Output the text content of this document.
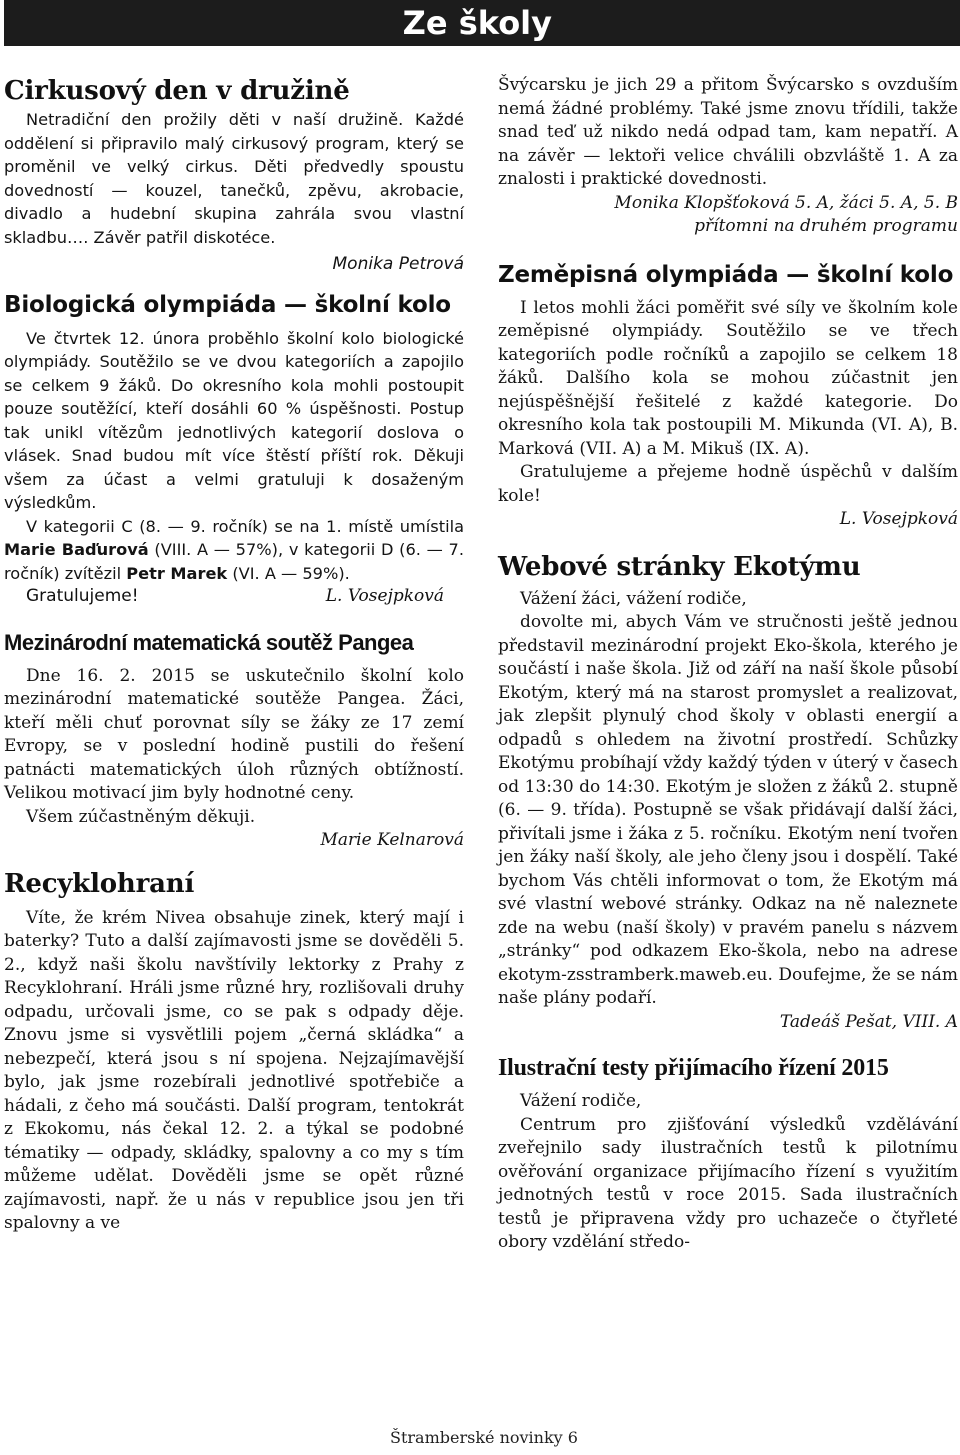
Ze školy
Cirkusový den v družině

Netradiční den prožily děti v naší družině. Každé oddělení si připravilo malý cirkusový program, který se proměnil ve velký cirkus. Děti předvedly spoustu dovedností — kouzel, tanečků, zpěvu, akrobacie, divadlo a hudební skupina zahrála svou vlastní skladbu…. Závěr patřil diskotéce.

Monika Petrová
Biologická olympiáda — školní kolo

Ve čtvrtek 12. února proběhlo školní kolo biologické olympiády. Soutěžilo se ve dvou kategoriích a zapojilo se celkem 9 žáků. Do okresního kola mohli postoupit pouze soutěžící, kteří dosáhli 60 % úspěšnosti. Postup tak unikl vítězům jednotlivých kategorií doslova o vlásek. Snad budou mít více štěstí příští rok. Děkuji všem za účast a velmi gratuluji k dosaženým výsledkům.

V kategorii C (8. — 9. ročník) se na 1. místě umístila Marie Baďurová (VIII. A — 57%), v kategorii D (6. — 7. ročník) zvítězil Petr Marek (VI. A — 59%).

Gratulujeme!	L. Vosejpková
Mezinárodní matematická soutěž Pangea

Dne 16. 2. 2015 se uskutečnilo školní kolo mezinárodní matematické soutěže Pangea. Žáci, kteří měli chuť porovnat síly se žáky ze 17 zemí Evropy, se v poslední hodině pustili do řešení patnácti matematických úloh různých obtížností. Velikou motivací jim byly hodnotné ceny.

Všem zúčastněným děkuji.

Marie Kelnarová
Recyklohraní

Víte, že krém Nivea obsahuje zinek, který mají i baterky? Tuto a další zajímavosti jsme se dověděli 5. 2., když naši školu navštívily lektorky z Prahy z Recyklohraní. Hráli jsme různé hry, rozlišovali druhy odpadu, určovali jsme, co se pak s odpady děje. Znovu jsme si vysvětlili pojem „černá skládka“ a nebezpečí, která jsou s ní spojena. Nejzajímavější bylo, jak jsme rozebírali jednotlivé spotřebiče a hádali, z čeho má součásti. Další program, tentokrát z Ekokomu, nás čekal 12. 2. a týkal se podobné tématiky — odpady, skládky, spalovny a co my s tím můžeme udělat. Dověděli jsme se opět různé zajímavosti, např. že u nás v republice jsou jen tři spalovny a ve

Švýcarsku je jich 29 a přitom Švýcarsko s ovzduším nemá žádné problémy. Také jsme znovu třídili, takže snad teď už nikdo nedá odpad tam, kam nepatří. A na závěr — lektoři velice chválili obzvláště 1. A za znalosti i praktické dovednosti.

Monika Klopšťoková 5. A, žáci 5. A, 5. B
přítomni na druhém programu
Zeměpisná olympiáda — školní kolo

I letos mohli žáci poměřit své síly ve školním kole zeměpisné olympiády. Soutěžilo se ve třech kategoriích podle ročníků a zapojilo se celkem 18 žáků. Dalšího kola se mohou zúčastnit jen nejúspěšnější řešitelé z každé kategorie. Do okresního kola tak postoupili M. Mikunda (VI. A), B. Marková (VII. A) a M. Mikuš (IX. A).

Gratulujeme a přejeme hodně úspěchů v dalším kole!

L. Vosejpková
Webové stránky Ekotýmu

Vážení žáci, vážení rodiče,

dovolte mi, abych Vám ve stručnosti ještě jednou představil mezinárodní projekt Eko-škola, kterého je součástí i naše škola. Již od září na naší škole působí Ekotým, který má na starost promyslet a realizovat, jak zlepšit plynulý chod školy v oblasti energií a odpadů s ohledem na životní prostředí. Schůzky Ekotýmu probíhají vždy každý týden v úterý v časech od 13:30 do 14:30. Ekotým je složen z žáků 2. stupně (6. — 9. třída). Postupně se však přidávají další žáci, přivítali jsme i žáka z 5. ročníku. Ekotým není tvořen jen žáky naší školy, ale jeho členy jsou i dospělí. Také bychom Vás chtěli informovat o tom, že Ekotým má své vlastní webové stránky. Odkaz na ně naleznete zde na webu (naší školy) v pravém panelu s názvem „stránky“ pod odkazem Eko-škola, nebo na adrese ekotym-zsstramberk.maweb.eu. Doufejme, že se nám naše plány podaří.

Tadeáš Pešat, VIII. A
Ilustrační testy přijímacího řízení 2015

Vážení rodiče,

Centrum pro zjišťování výsledků vzdělávání zveřejnilo sady ilustračních testů k pilotnímu ověřování organizace přijímacího řízení s využitím jednotných testů v roce 2015. Sada ilustračních testů je připravena vždy pro uchazeče o čtyřleté obory vzdělání středo-

Štramberské novinky 6
